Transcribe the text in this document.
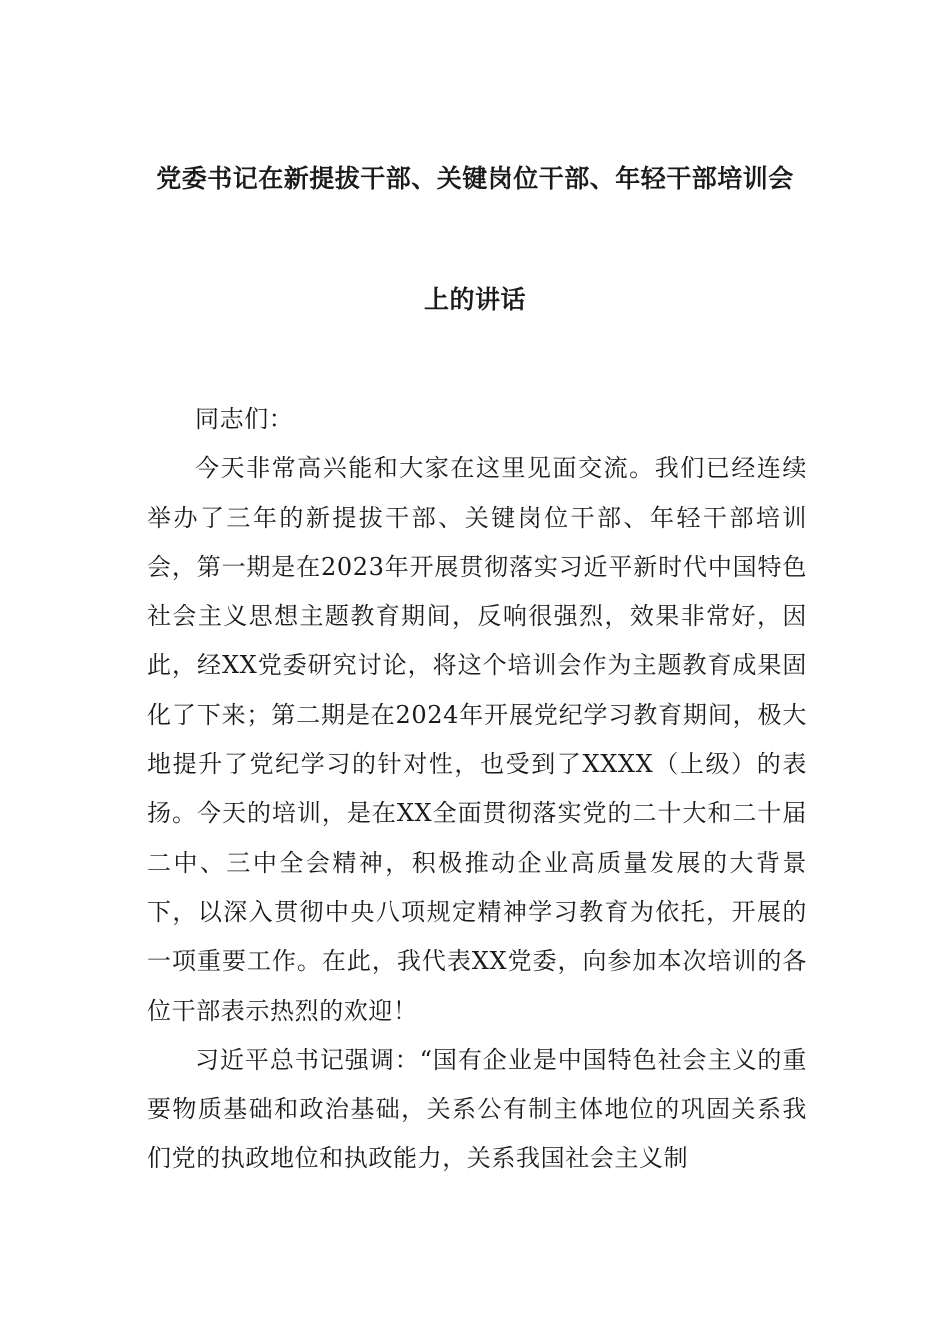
党委书记在新提拔干部、关键岗位干部、年轻干部培训会
上的讲话

同志们：

今天非常高兴能和大家在这里见面交流。我们已经连续举办了三年的新提拔干部、关键岗位干部、年轻干部培训会，第一期是在2023年开展贯彻落实习近平新时代中国特色社会主义思想主题教育期间，反响很强烈，效果非常好，因此，经XX党委研究讨论，将这个培训会作为主题教育成果固化了下来；第二期是在2024年开展党纪学习教育期间，极大地提升了党纪学习的针对性，也受到了XXXX（上级）的表扬。今天的培训，是在XX全面贯彻落实党的二十大和二十届二中、三中全会精神，积极推动企业高质量发展的大背景下，以深入贯彻中央八项规定精神学习教育为依托，开展的一项重要工作。在此，我代表XX党委，向参加本次培训的各位干部表示热烈的欢迎！

习近平总书记强调：“国有企业是中国特色社会主义的重要物质基础和政治基础，关系公有制主体地位的巩固关系我们党的执政地位和执政能力，关系我国社会主义制
